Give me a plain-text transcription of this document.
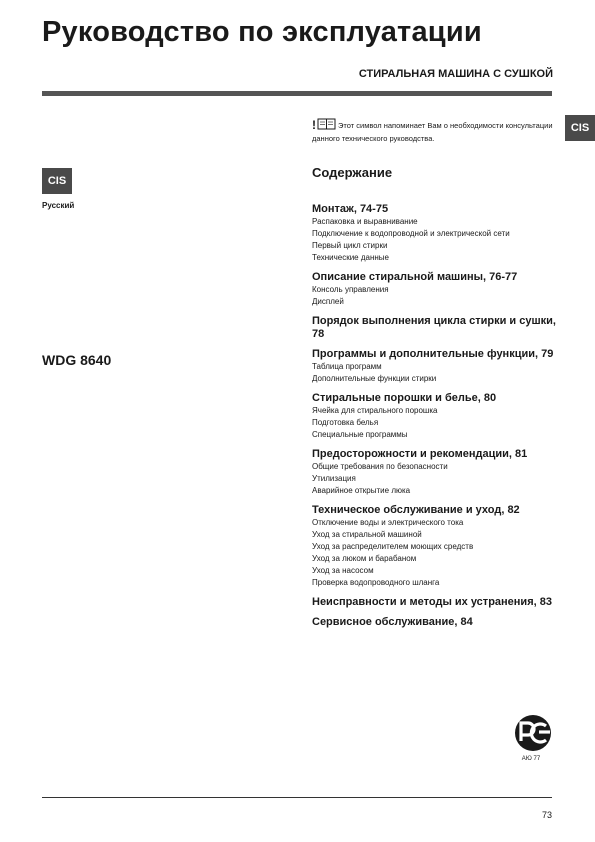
Руководство по эксплуатации
СТИРАЛЬНАЯ МАШИНА С СУШКОЙ
CIS
CIS
Русский
WDG 8640
!	Этот символ напоминает Вам о необходимости консультации данного технического руководства.
Содержание
Монтаж, 74-75
Распаковка и выравнивание
Подключение к водопроводной и электрической сети
Первый цикл стирки
Технические данные
Описание стиральной машины, 76-77
Консоль управления
Дисплей
Порядок выполнения цикла стирки и сушки, 78
Программы и дополнительные функции, 79
Таблица программ
Дополнительные функции стирки
Стиральные порошки и белье, 80
Ячейка для стирального порошка
Подготовка белья
Специальные программы
Предосторожности и рекомендации, 81
Общие требования по безопасности
Утилизация
Аварийное открытие люка
Техническое обслуживание и уход, 82
Отключение воды и электрического тока
Уход за стиральной машиной
Уход за распределителем моющих средств
Уход за люком и барабаном
Уход за насосом
Проверка водопроводного шланга
Неисправности и методы их устранения, 83
Сервисное обслуживание, 84
АЮ 77
73
